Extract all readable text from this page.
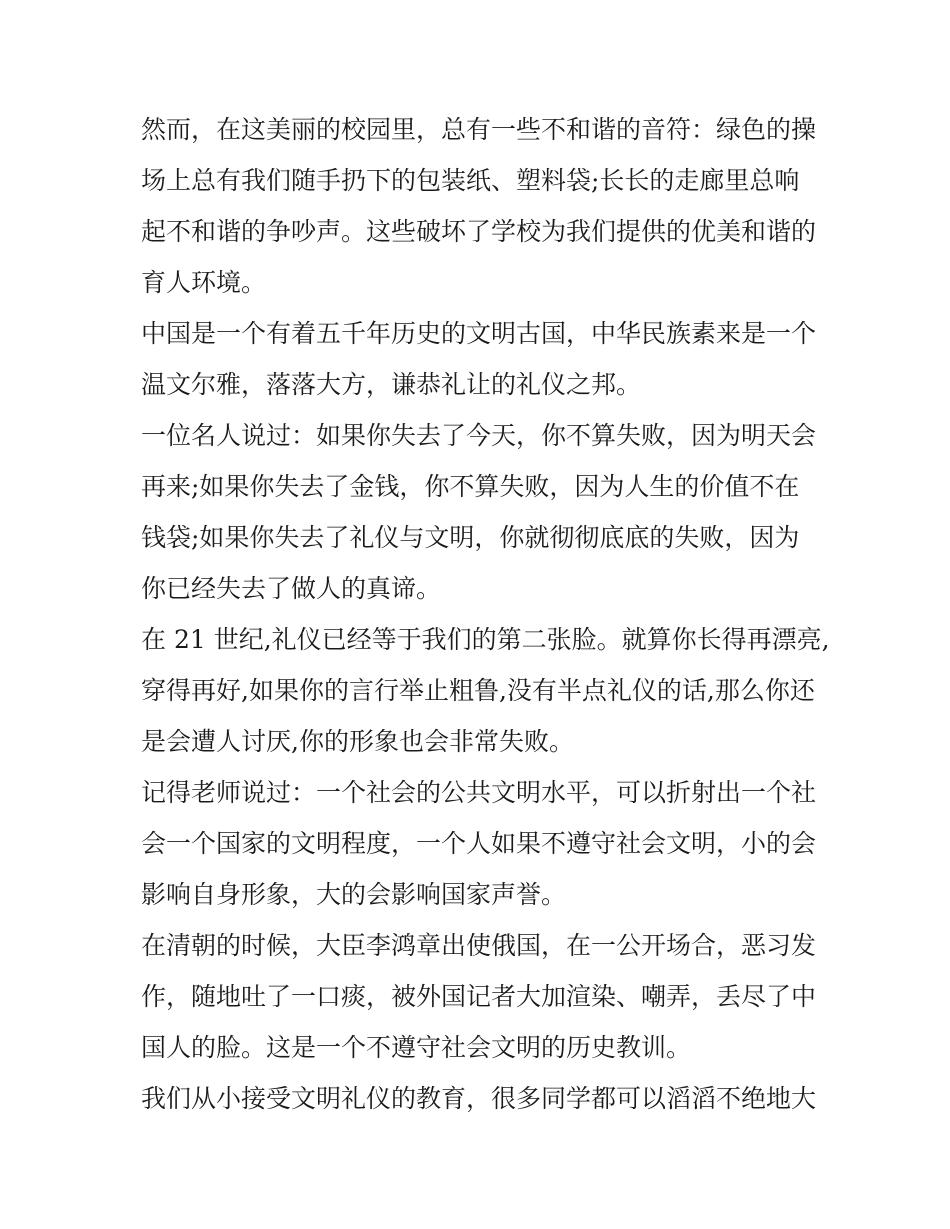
然而，在这美丽的校园里，总有一些不和谐的音符：绿色的操
场上总有我们随手扔下的包装纸、塑料袋;长长的走廊里总响
起不和谐的争吵声。这些破坏了学校为我们提供的优美和谐的
育人环境。
中国是一个有着五千年历史的文明古国，中华民族素来是一个
温文尔雅，落落大方，谦恭礼让的礼仪之邦。
一位名人说过：如果你失去了今天，你不算失败，因为明天会
再来;如果你失去了金钱，你不算失败，因为人生的价值不在
钱袋;如果你失去了礼仪与文明，你就彻彻底底的失败，因为
你已经失去了做人的真谛。
在 21 世纪,礼仪已经等于我们的第二张脸。就算你长得再漂亮,
穿得再好,如果你的言行举止粗鲁,没有半点礼仪的话,那么你还
是会遭人讨厌,你的形象也会非常失败。
记得老师说过：一个社会的公共文明水平，可以折射出一个社
会一个国家的文明程度，一个人如果不遵守社会文明，小的会
影响自身形象，大的会影响国家声誉。
在清朝的时候，大臣李鸿章出使俄国，在一公开场合，恶习发
作，随地吐了一口痰，被外国记者大加渲染、嘲弄，丢尽了中
国人的脸。这是一个不遵守社会文明的历史教训。
我们从小接受文明礼仪的教育，很多同学都可以滔滔不绝地大
